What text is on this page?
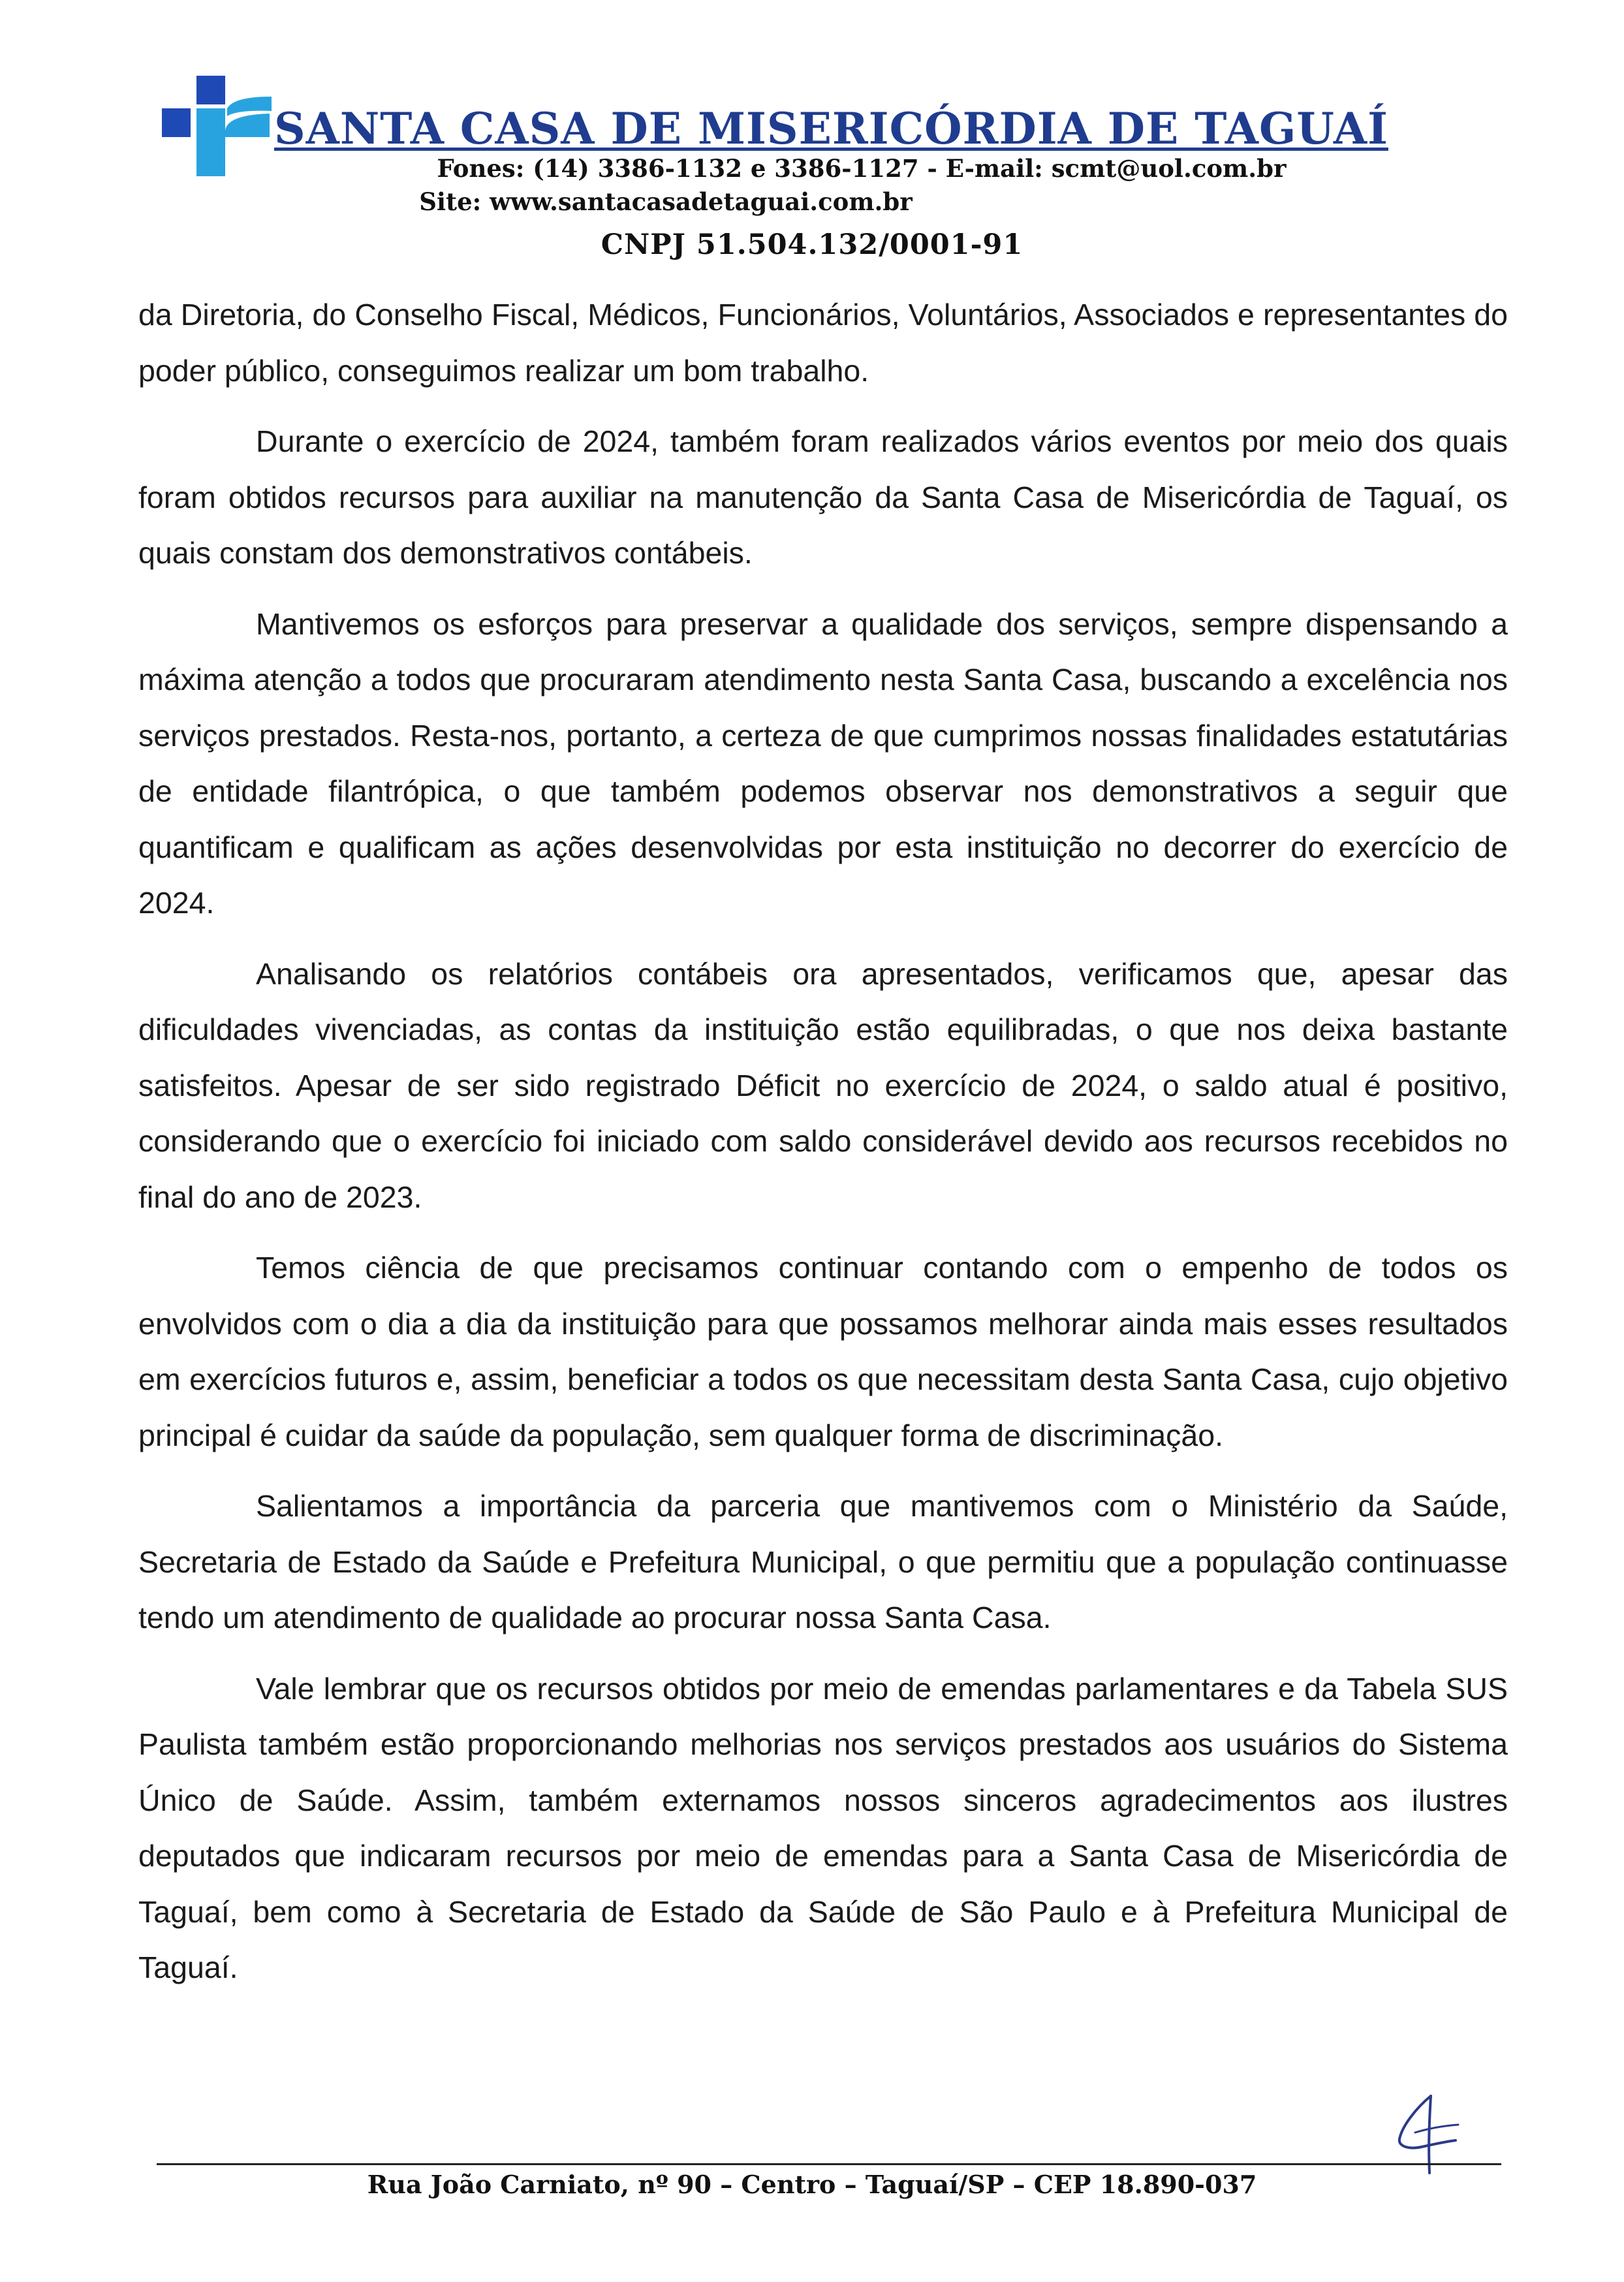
SANTA CASA DE MISERICÓRDIA DE TAGUAÍ
Fones: (14) 3386-1132 e 3386-1127 - E-mail: scmt@uol.com.br
Site: www.santacasadetaguai.com.br
CNPJ 51.504.132/0001-91

da Diretoria, do Conselho Fiscal, Médicos, Funcionários, Voluntários, Associados e representantes do poder público, conseguimos realizar um bom trabalho.

Durante o exercício de 2024, também foram realizados vários eventos por meio dos quais foram obtidos recursos para auxiliar na manutenção da Santa Casa de Misericórdia de Taguaí, os quais constam dos demonstrativos contábeis.

Mantivemos os esforços para preservar a qualidade dos serviços, sempre dispensando a máxima atenção a todos que procuraram atendimento nesta Santa Casa, buscando a excelência nos serviços prestados. Resta-nos, portanto, a certeza de que cumprimos nossas finalidades estatutárias de entidade filantrópica, o que também podemos observar nos demonstrativos a seguir que quantificam e qualificam as ações desenvolvidas por esta instituição no decorrer do exercício de 2024.

Analisando os relatórios contábeis ora apresentados, verificamos que, apesar das dificuldades vivenciadas, as contas da instituição estão equilibradas, o que nos deixa bastante satisfeitos. Apesar de ser sido registrado Déficit no exercício de 2024, o saldo atual é positivo, considerando que o exercício foi iniciado com saldo considerável devido aos recursos recebidos no final do ano de 2023.

Temos ciência de que precisamos continuar contando com o empenho de todos os envolvidos com o dia a dia da instituição para que possamos melhorar ainda mais esses resultados em exercícios futuros e, assim, beneficiar a todos os que necessitam desta Santa Casa, cujo objetivo principal é cuidar da saúde da população, sem qualquer forma de discriminação.

Salientamos a importância da parceria que mantivemos com o Ministério da Saúde, Secretaria de Estado da Saúde e Prefeitura Municipal, o que permitiu que a população continuasse tendo um atendimento de qualidade ao procurar nossa Santa Casa.

Vale lembrar que os recursos obtidos por meio de emendas parlamentares e da Tabela SUS Paulista também estão proporcionando melhorias nos serviços prestados aos usuários do Sistema Único de Saúde. Assim, também externamos nossos sinceros agradecimentos aos ilustres deputados que indicaram recursos por meio de emendas para a Santa Casa de Misericórdia de Taguaí, bem como à Secretaria de Estado da Saúde de São Paulo e à Prefeitura Municipal de Taguaí.

Rua João Carniato, nº 90 – Centro – Taguaí/SP – CEP 18.890-037
